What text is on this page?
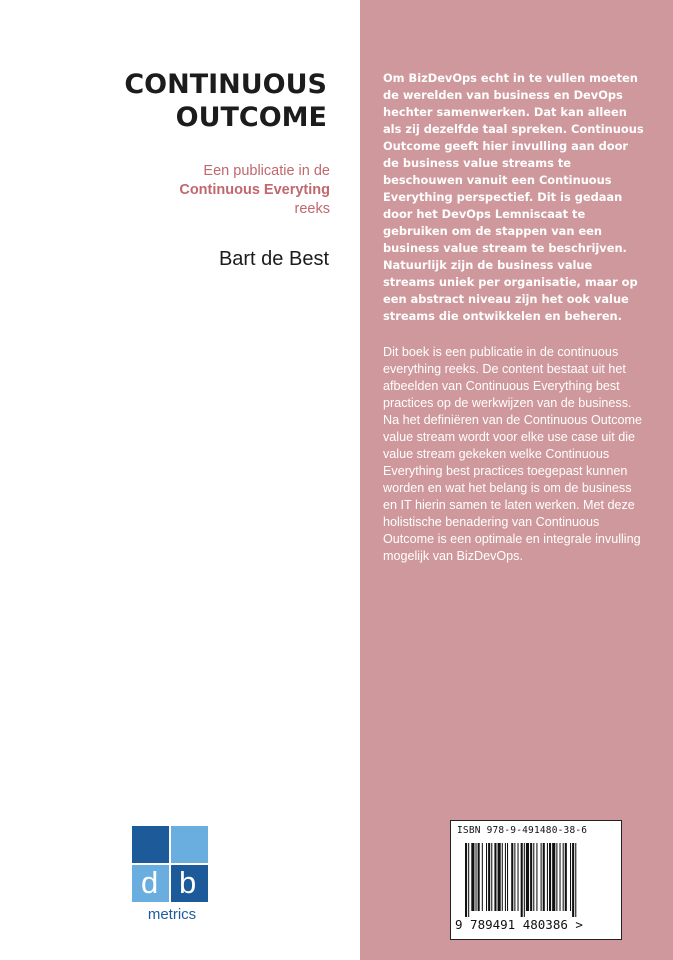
CONTINUOUS
OUTCOME
Een publicatie in de
Continuous Everyting
reeks
Bart de Best
d b
metrics

Om BizDevOps echt in te vullen moeten de werelden van business en DevOps hechter samenwerken. Dat kan alleen als zij dezelfde taal spreken. Continuous Outcome geeft hier invulling aan door de business value streams te beschouwen vanuit een Continuous Everything perspectief. Dit is gedaan door het DevOps Lemniscaat te gebruiken om de stappen van een business value stream te beschrijven. Natuurlijk zijn de business value streams uniek per organisatie, maar op een abstract niveau zijn het ook value streams die ontwikkelen en beheren.

Dit boek is een publicatie in de continuous everything reeks. De content bestaat uit het afbeelden van Continuous Everything best practices op de werkwijzen van de business. Na het definiëren van de Continuous Outcome value stream wordt voor elke use case uit die value stream gekeken welke Continuous Everything best practices toegepast kunnen worden en wat het belang is om de business en IT hierin samen te laten werken. Met deze holistische benadering van Continuous Outcome is een optimale en integrale invulling mogelijk van BizDevOps.

ISBN 978-9-491480-38-6
9 789491 480386 >
